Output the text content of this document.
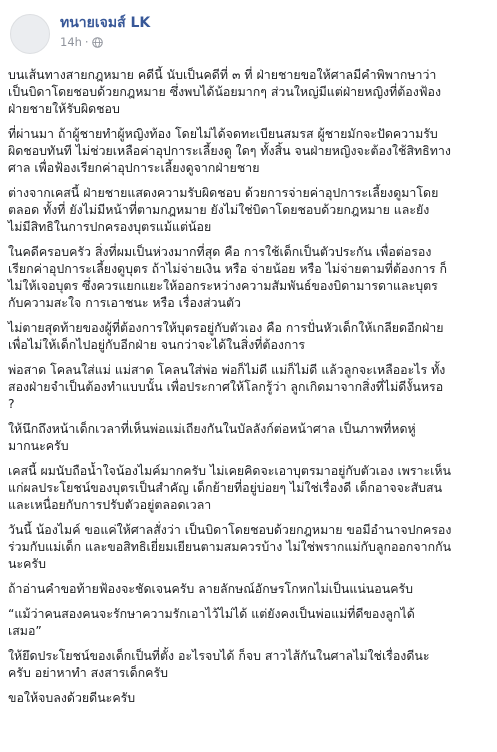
ทนายเจมส์ LK
14h ·

บนเส้นทางสายกฎหมาย คดีนี้ นับเป็นคดีที่ ๓ ที่ ฝ่ายชายขอให้ศาลมีคำพิพากษาว่า
เป็นบิดาโดยชอบด้วยกฎหมาย ซึ่งพบได้น้อยมากๆ ส่วนใหญ่มีแต่ฝ่ายหญิงที่ต้องฟ้อง
ฝ่ายชายให้รับผิดชอบ

ที่ผ่านมา ถ้าผู้ชายทำผู้หญิงท้อง โดยไม่ได้จดทะเบียนสมรส ผู้ชายมักจะปัดความรับ
ผิดชอบทันที ไม่ช่วยเหลือค่าอุปการะเลี้ยงดู ใดๆ ทั้งสิ้น จนฝ่ายหญิงจะต้องใช้สิทธิทาง
ศาล เพื่อฟ้องเรียกค่าอุปการะเลี้ยงดูจากฝ่ายชาย

ต่างจากเคสนี้ ฝ่ายชายแสดงความรับผิดชอบ ด้วยการจ่ายค่าอุปการะเลี้ยงดูมาโดย
ตลอด ทั้งที่ ยังไม่มีหน้าที่ตามกฎหมาย ยังไม่ใช่บิดาโดยชอบด้วยกฎหมาย และยัง
ไม่มีสิทธิในการปกครองบุตรแม้แต่น้อย

ในคดีครอบครัว สิ่งที่ผมเป็นห่วงมากที่สุด คือ การใช้เด็กเป็นตัวประกัน เพื่อต่อรอง
เรียกค่าอุปการะเลี้ยงดูบุตร ถ้าไม่จ่ายเงิน หรือ จ่ายน้อย หรือ ไม่จ่ายตามที่ต้องการ ก็
ไม่ให้เจอบุตร ซึ่งควรแยกแยะให้ออกระหว่างความสัมพันธ์ของบิดามารดาและบุตร
กับความสะใจ การเอาชนะ หรือ เรื่องส่วนตัว

ไม่ตายสุดท้ายของผู้ที่ต้องการให้บุตรอยู่กับตัวเอง คือ การปั่นหัวเด็กให้เกลียดอีกฝ่าย
เพื่อไม่ให้เด็กไปอยู่กับอีกฝ่าย จนกว่าจะได้ในสิ่งที่ต้องการ

พ่อสาด โคลนใส่แม่ แม่สาด โคลนใส่พ่อ พ่อก็ไม่ดี แม่ก็ไม่ดี แล้วลูกจะเหลืออะไร ทั้ง
สองฝ่ายจำเป็นต้องทำแบบนั้น เพื่อประกาศให้โลกรู้ว่า ลูกเกิดมาจากสิ่งที่ไม่ดีงั้นหรอ
?

ให้นึกถึงหน้าเด็กเวลาที่เห็นพ่อแม่เถียงกันในบัลลังก์ต่อหน้าศาล เป็นภาพที่หดหู่
มากนะครับ

เคสนี้ ผมนับถือน้ำใจน้องไมค์มากครับ ไม่เคยคิดจะเอาบุตรมาอยู่กับตัวเอง เพราะเห็น
แก่ผลประโยชน์ของบุตรเป็นสำคัญ เด็กย้ายที่อยู่บ่อยๆ ไม่ใช่เรื่องดี เด็กอาจจะสับสน
และเหนื่อยกับการปรับตัวอยู่ตลอดเวลา

วันนี้ น้องไมค์ ขอแค่ให้ศาลสั่งว่า เป็นบิดาโดยชอบด้วยกฎหมาย ขอมีอำนาจปกครอง
ร่วมกับแม่เด็ก และขอสิทธิเยี่ยมเยียนตามสมควรบ้าง ไม่ใช่พรากแม่กับลูกออกจากกัน
นะครับ

ถ้าอ่านคำขอท้ายฟ้องจะชัดเจนครับ ลายลักษณ์อักษรโกหกไม่เป็นแน่นอนครับ

“แม้ว่าคนสองคนจะรักษาความรักเอาไว้ไม่ได้ แต่ยังคงเป็นพ่อแม่ที่ดีของลูกได้
เสมอ”

ให้ยึดประโยชน์ของเด็กเป็นที่ตั้ง อะไรจบได้ ก็จบ สาวไส้กันในศาลไม่ใช่เรื่องดีนะ
ครับ อย่าหาทำ สงสารเด็กครับ

ขอให้จบลงด้วยดีนะครับ
